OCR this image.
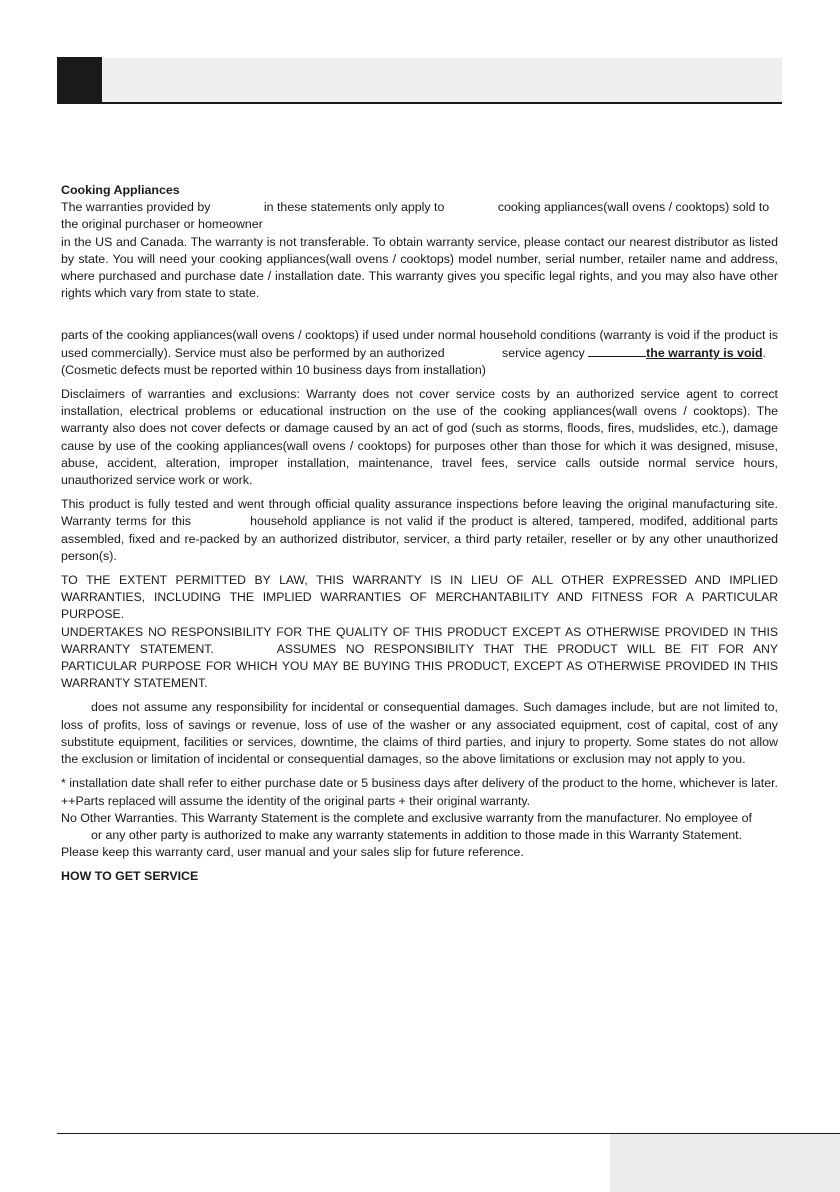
Cooking Appliances

The warranties provided by	in these statements only apply to	cooking appliances(wall ovens / cooktops) sold to the original purchaser or homeowner

in the US and Canada. The warranty is not transferable. To obtain warranty service, please contact our nearest distributor as listed by state. You will need your cooking appliances(wall ovens / cooktops) model number, serial number, retailer name and address, where purchased and purchase date / installation date. This warranty gives you specific legal rights, and you may also have other rights which vary from state to state.

parts of the cooking appliances(wall ovens / cooktops) if used under normal household conditions (warranty is void if the product is used commercially). Service must also be performed by an authorized	service agency	the warranty is void.
(Cosmetic defects must be reported within 10 business days from installation)

Disclaimers of warranties and exclusions: Warranty does not cover service costs by an authorized service agent to correct installation, electrical problems or educational instruction on the use of the cooking appliances(wall ovens / cooktops). The warranty also does not cover defects or damage caused by an act of god (such as storms, floods, fires, mudslides, etc.), damage cause by use of the cooking appliances(wall ovens / cooktops) for purposes other than those for which it was designed, misuse, abuse, accident, alteration, improper installation, maintenance, travel fees, service calls outside normal service hours, unauthorized service work or work.

This product is fully tested and went through official quality assurance inspections before leaving the original manufacturing site. Warranty terms for this	household appliance is not valid if the product is altered, tampered, modifed, additional parts assembled, fixed and re-packed by an authorized distributor, servicer, a third party retailer, reseller or by any other unauthorized person(s).

TO THE EXTENT PERMITTED BY LAW, THIS WARRANTY IS IN LIEU OF ALL OTHER EXPRESSED AND IMPLIED WARRANTIES, INCLUDING THE IMPLIED WARRANTIES OF MERCHANTABILITY AND FITNESS FOR A PARTICULAR PURPOSE.
UNDERTAKES NO RESPONSIBILITY FOR THE QUALITY OF THIS PRODUCT EXCEPT AS OTHERWISE PROVIDED IN THIS WARRANTY STATEMENT.	ASSUMES NO RESPONSIBILITY THAT THE PRODUCT WILL BE FIT FOR ANY PARTICULAR PURPOSE FOR WHICH YOU MAY BE BUYING THIS PRODUCT, EXCEPT AS OTHERWISE PROVIDED IN THIS WARRANTY STATEMENT.

does not assume any responsibility for incidental or consequential damages. Such damages include, but are not limited to, loss of profits, loss of savings or revenue, loss of use of the washer or any associated equipment, cost of capital, cost of any substitute equipment, facilities or services, downtime, the claims of third parties, and injury to property. Some states do not allow the exclusion or limitation of incidental or consequential damages, so the above limitations or exclusion may not apply to you.

* installation date shall refer to either purchase date or 5 business days after delivery of the product to the home, whichever is later.

++Parts replaced will assume the identity of the original parts + their original warranty.

No Other Warranties. This Warranty Statement is the complete and exclusive warranty from the manufacturer. No employee of
or any other party is authorized to make any warranty statements in addition to those made in this Warranty Statement.

Please keep this warranty card, user manual and your sales slip for future reference.

HOW TO GET SERVICE
